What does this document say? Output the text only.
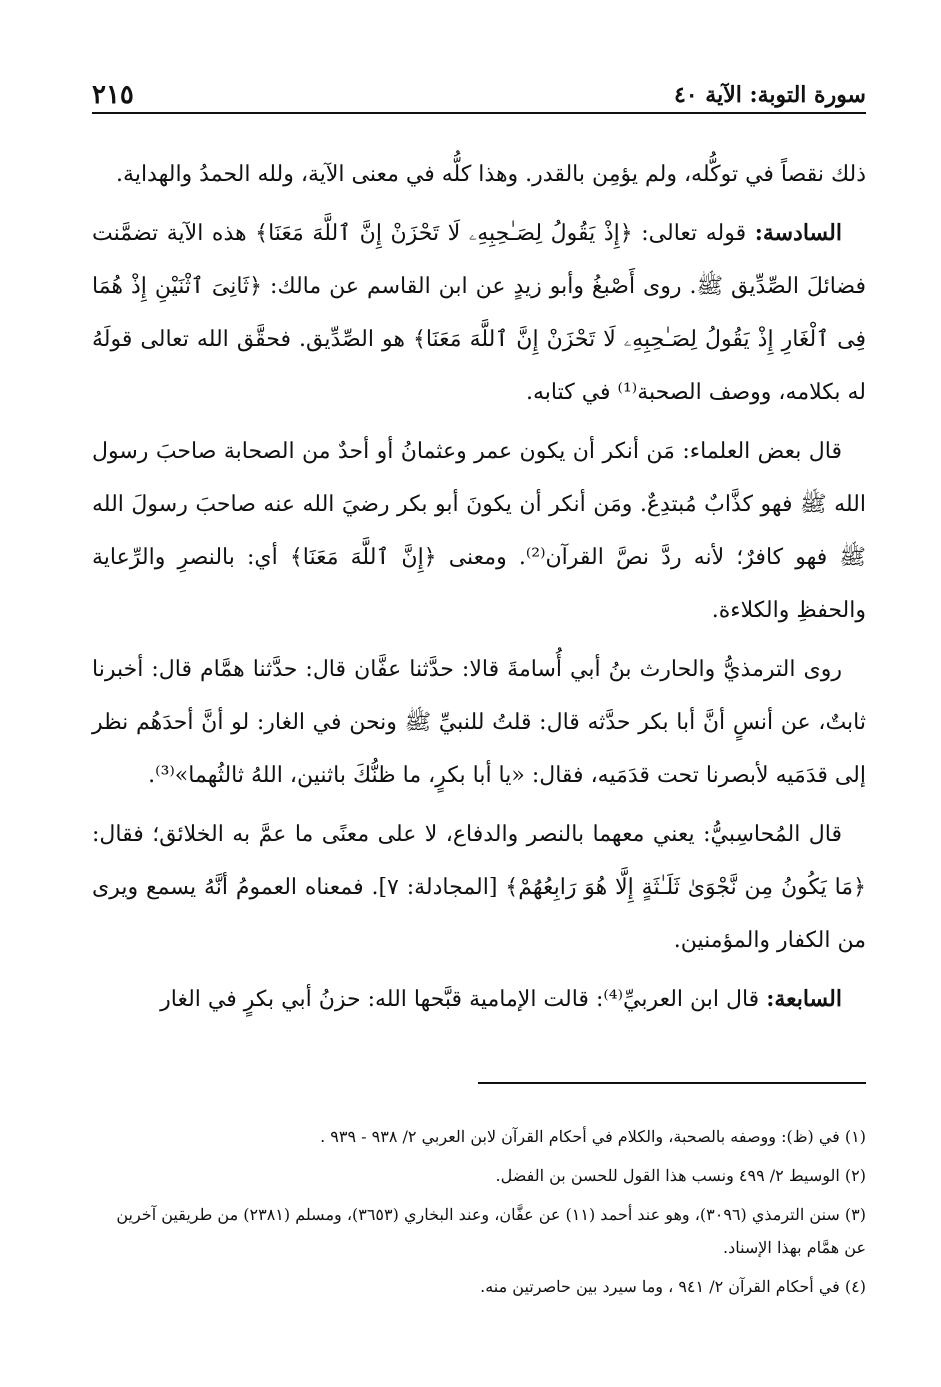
سورة التوبة: الآية ٤٠
٢١٥

ذلك نقصاً في توكُّله، ولم يؤمِن بالقدر. وهذا كلُّه في معنى الآية، ولله الحمدُ والهداية.

السادسة: قوله تعالى: ﴿إِذْ يَقُولُ لِصَـٰحِبِهِۦ لَا تَحْزَنْ إِنَّ ٱللَّهَ مَعَنَا﴾ هذه الآية تضمَّنت فضائلَ الصِّدِّيق ﷺ. روى أَصْبغُ وأبو زيدٍ عن ابن القاسم عن مالك: ﴿ثَانِىَ ٱثْنَيْنِ إِذْ هُمَا فِى ٱلْغَارِ إِذْ يَقُولُ لِصَـٰحِبِهِۦ لَا تَحْزَنْ إِنَّ ٱللَّهَ مَعَنَا﴾ هو الصِّدِّيق. فحقَّق الله تعالى قولَهُ له بكلامه، ووصف الصحبة⁽¹⁾ في كتابه.

قال بعض العلماء: مَن أنكر أن يكون عمر وعثمانُ أو أحدٌ من الصحابة صاحبَ رسول الله ﷺ فهو كذَّابٌ مُبتدِعٌ. ومَن أنكر أن يكونَ أبو بكر رضيَ الله عنه صاحبَ رسولَ الله ﷺ فهو كافرٌ؛ لأنه ردَّ نصَّ القرآن⁽²⁾. ومعنى ﴿إِنَّ ٱللَّهَ مَعَنَا﴾ أي: بالنصرِ والرِّعاية والحفظِ والكلاءة.

روى الترمذيُّ والحارث بنُ أبي أُسامةَ قالا: حدَّثنا عفَّان قال: حدَّثنا همَّام قال: أخبرنا ثابتٌ، عن أنسٍ أنَّ أبا بكر حدَّثه قال: قلتُ للنبيِّ ﷺ ونحن في الغار: لو أنَّ أحدَهُم نظر إلى قدَمَيه لأبصرنا تحت قدَمَيه، فقال: «يا أبا بكرٍ، ما ظنُّكَ باثنين، اللهُ ثالثُهما»⁽³⁾.

قال المُحاسِبيُّ: يعني معهما بالنصر والدفاع، لا على معنًى ما عمَّ به الخلائق؛ فقال: ﴿مَا يَكُونُ مِن نَّجْوَىٰ ثَلَـٰثَةٍ إِلَّا هُوَ رَابِعُهُمْ﴾ [المجادلة: ٧]. فمعناه العمومُ أنَّهُ يسمع ويرى من الكفار والمؤمنين.

السابعة: قال ابن العربيِّ⁽⁴⁾: قالت الإمامية قبَّحها الله: حزنُ أبي بكرٍ في الغار

(١) في (ظ): ووصفه بالصحبة، والكلام في أحكام القرآن لابن العربي ٢/ ٩٣٨ - ٩٣٩ .
(٢) الوسيط ٢/ ٤٩٩ ونسب هذا القول للحسن بن الفضل.
(٣) سنن الترمذي (٣٠٩٦)، وهو عند أحمد (١١) عن عفَّان، وعند البخاري (٣٦٥٣)، ومسلم (٢٣٨١) من طريقين آخرين عن همَّام بهذا الإسناد.
(٤) في أحكام القرآن ٢/ ٩٤١ ، وما سيرد بين حاصرتين منه.
